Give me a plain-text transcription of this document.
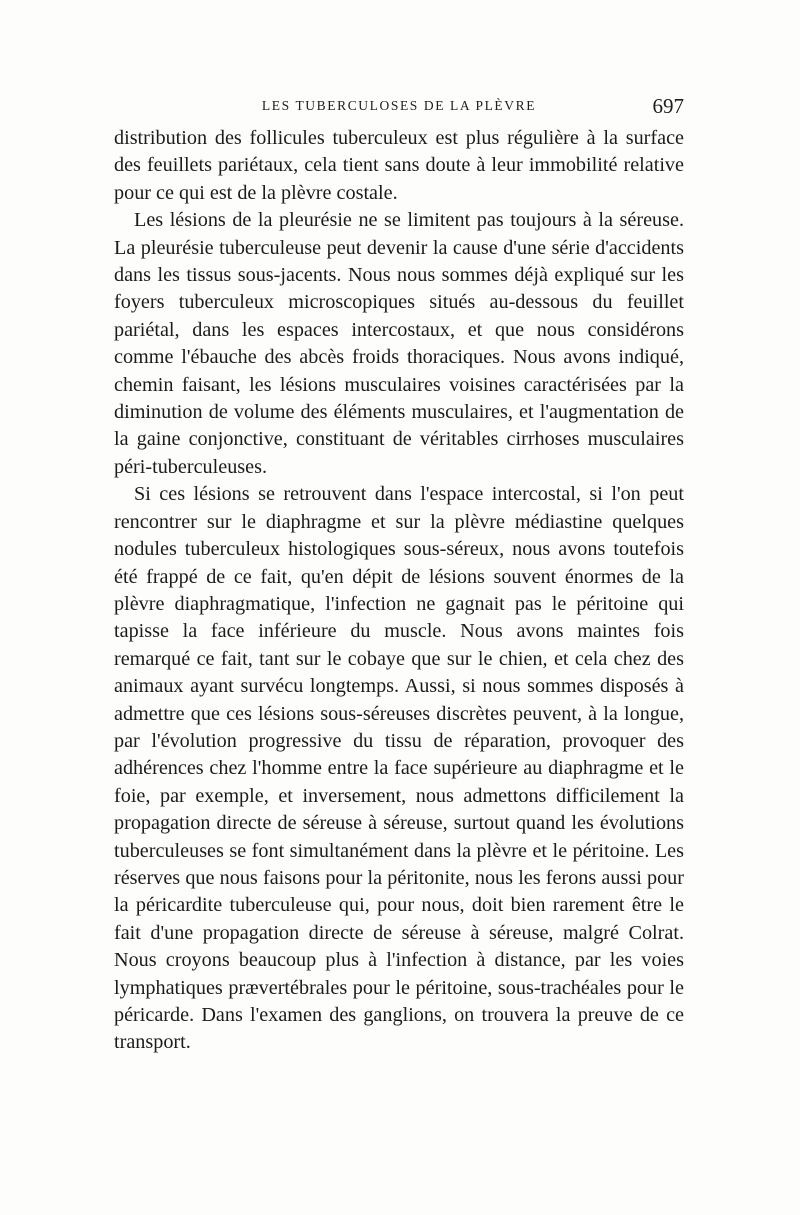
LES TUBERCULOSES DE LA PLÈVRE	697

distribution des follicules tuberculeux est plus régulière à la surface des feuillets pariétaux, cela tient sans doute à leur immobilité relative pour ce qui est de la plèvre costale.

Les lésions de la pleurésie ne se limitent pas toujours à la séreuse. La pleurésie tuberculeuse peut devenir la cause d'une série d'accidents dans les tissus sous-jacents. Nous nous sommes déjà expliqué sur les foyers tuberculeux microscopiques situés au-dessous du feuillet pariétal, dans les espaces intercostaux, et que nous considérons comme l'ébauche des abcès froids thoraciques. Nous avons indiqué, chemin faisant, les lésions musculaires voisines caractérisées par la diminution de volume des éléments musculaires, et l'augmentation de la gaine conjonctive, constituant de véritables cirrhoses musculaires péri-tuberculeuses.

Si ces lésions se retrouvent dans l'espace intercostal, si l'on peut rencontrer sur le diaphragme et sur la plèvre médiastine quelques nodules tuberculeux histologiques sous-séreux, nous avons toutefois été frappé de ce fait, qu'en dépit de lésions souvent énormes de la plèvre diaphragmatique, l'infection ne gagnait pas le péritoine qui tapisse la face inférieure du muscle. Nous avons maintes fois remarqué ce fait, tant sur le cobaye que sur le chien, et cela chez des animaux ayant survécu longtemps. Aussi, si nous sommes disposés à admettre que ces lésions sous-séreuses discrètes peuvent, à la longue, par l'évolution progressive du tissu de réparation, provoquer des adhérences chez l'homme entre la face supérieure au diaphragme et le foie, par exemple, et inversement, nous admettons difficilement la propagation directe de séreuse à séreuse, surtout quand les évolutions tuberculeuses se font simultanément dans la plèvre et le péritoine. Les réserves que nous faisons pour la péritonite, nous les ferons aussi pour la péricardite tuberculeuse qui, pour nous, doit bien rarement être le fait d'une propagation directe de séreuse à séreuse, malgré Colrat. Nous croyons beaucoup plus à l'infection à distance, par les voies lymphatiques prævertébrales pour le péritoine, sous-trachéales pour le péricarde. Dans l'examen des ganglions, on trouvera la preuve de ce transport.
